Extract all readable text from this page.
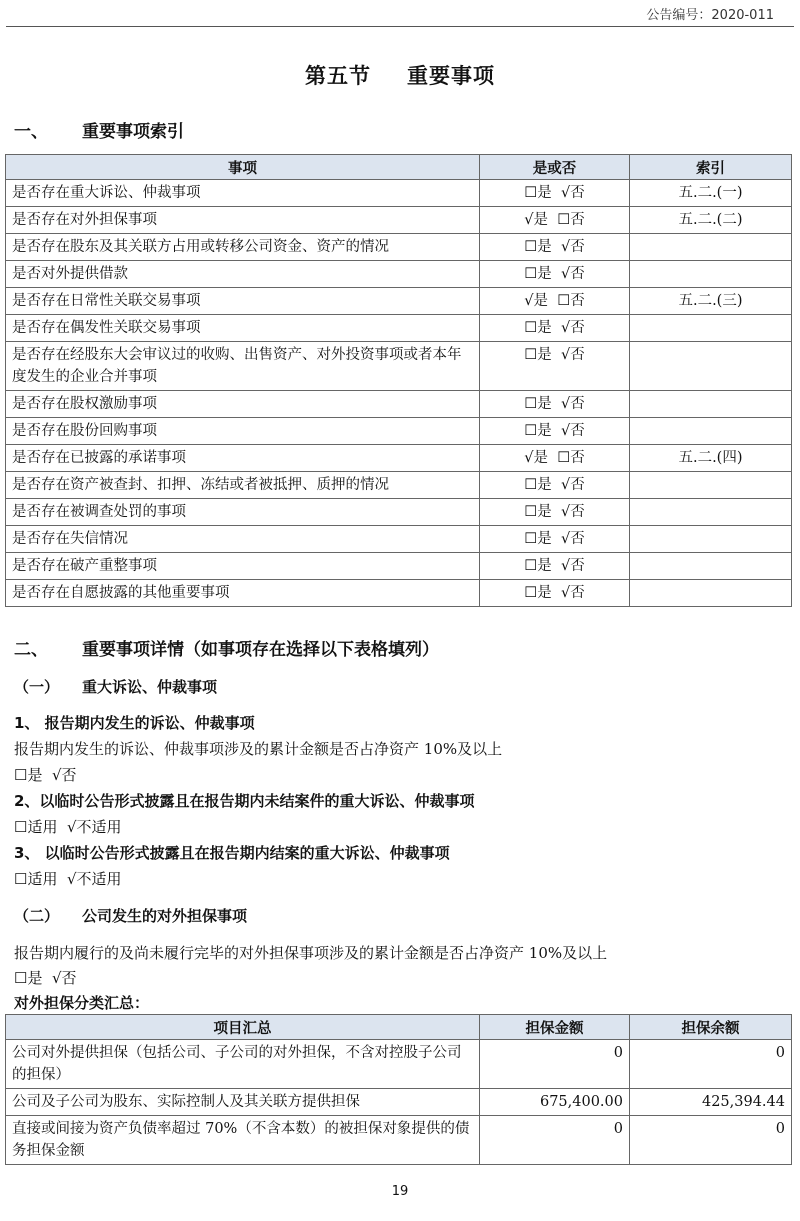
公告编号：2020-011
第五节 重要事项
一、 重要事项索引
事项	是或否	索引
是否存在重大诉讼、仲裁事项	☐是  √否	五.二.(一)
是否存在对外担保事项	√是  ☐否	五.二.(二)
是否存在股东及其关联方占用或转移公司资金、资产的情况	☐是  √否	
是否对外提供借款	☐是  √否	
是否存在日常性关联交易事项	√是  ☐否	五.二.(三)
是否存在偶发性关联交易事项	☐是  √否	
是否存在经股东大会审议过的收购、出售资产、对外投资事项或者本年度发生的企业合并事项	☐是  √否	
是否存在股权激励事项	☐是  √否	
是否存在股份回购事项	☐是  √否	
是否存在已披露的承诺事项	√是  ☐否	五.二.(四)
是否存在资产被查封、扣押、冻结或者被抵押、质押的情况	☐是  √否	
是否存在被调查处罚的事项	☐是  √否	
是否存在失信情况	☐是  √否	
是否存在破产重整事项	☐是  √否	
是否存在自愿披露的其他重要事项	☐是  √否	
二、 重要事项详情（如事项存在选择以下表格填列）
（一） 重大诉讼、仲裁事项
1、 报告期内发生的诉讼、仲裁事项
报告期内发生的诉讼、仲裁事项涉及的累计金额是否占净资产 10%及以上
☐是  √否
2、以临时公告形式披露且在报告期内未结案件的重大诉讼、仲裁事项
☐适用  √不适用
3、 以临时公告形式披露且在报告期内结案的重大诉讼、仲裁事项
☐适用  √不适用
（二） 公司发生的对外担保事项
报告期内履行的及尚未履行完毕的对外担保事项涉及的累计金额是否占净资产 10%及以上
☐是  √否
对外担保分类汇总：
项目汇总	担保金额	担保余额
公司对外提供担保（包括公司、子公司的对外担保，不含对控股子公司的担保）	0	0
公司及子公司为股东、实际控制人及其关联方提供担保	675,400.00	425,394.44
直接或间接为资产负债率超过 70%（不含本数）的被担保对象提供的债务担保金额	0	0
19
